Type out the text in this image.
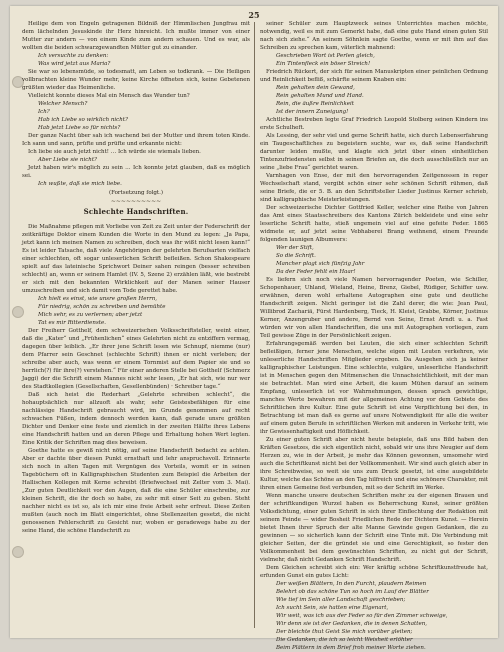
25
Heilige dem von Engeln getragenen Bildniß der Himmlischen Jungfrau mit dem lächelnden Jesuskinde ihr Herz hinreicht. Ich mußte immer von einer Mutter zur andern — von einem Kinde zum andern schauen. Und es war, als wollten die beiden schwarzgewandten Mütter gut zu einander.
Ich versuchte zu denken:
Was wird jetzt aus Maria?
Sie war so lebensmüde, so todesmatt, am Leben so todkrank. — Die Heiligen vollbrachten kleine Wunder mehr, keine Kirche öffneten sich, keine Gebetenen grüßten wieder das Heimenliche.
Vielleicht konnte dieses Mal ein Mensch das Wunder tun?
Welcher Mensch?
Ich?
Hab ich Liebe so wirklich nicht?
Hab jetzt Liebe so für nichts?
Der ganze Nacht über sah ich wachend bei der Mutter und ihrem toten Kinde. Ich sann und sann, prüfte und prüfte und erkannte nicht:
Ich liebe sie auch jetzt nicht! … Ich würde sie wiemals lieben.
Aber Liebe sie nicht?
Jetzt haben wir's möglich zu sein … Ich konnte jetzt glauben, daß es möglich sei.
Ich wußte, daß sie mich liebe.
(Fortsetzung folgt.)
~~~~~~~~~~
Schlechte Handschriften.
Die Maßnahme pflegen mit Vorliebe von Zeit zu Zeit unter der Federschrift der zeitkräftige Doktor einem Kunden die Worte in den Mund zu legen: „Ja Papa, jetzt kann ich meinen Namen zu schreiben, doch was ihr wißt nicht lesen kann!“ Es ist leider Tatsache, daß viele Angehörigen der gelehrten Berufsarten vielfach einer schlechten, oft sogar unleserlichen Schrift befleißen. Schon Shakespeare spielt auf das lateinische Sprichwort Deiner sahen reingen (besser schreiben schlecht) an, wenn er seinem Hamlet (IV. 5, Szene 2) erzählen läßt, wie bestrebt er sich mit den bekannten Wirklichkeit auf der Manen seiner Hauser umzuschreiben und sich damit vom Tode gerettet habe.
Ich hielt es einst, wie unsre großen Herrn,
Für niedrig, schön zu schreiben und bemühte
Mich sehr, es zu verlernen; aber jetzt
Tat es mir Ritterdienste.
Der Freiherr Gotthelf, dem schweizerischen Volksschriftsteller, weint einer, daß die „Kater“ und „Frühenlichen“ eines Gelehrten nicht zu entziffern vermag, dagegen über leiblich. „Er ihrer jene Schrift lesen wie Schnupf, niemme (nur) dem Pfarrer sein Geschnet (schlechte Schrift) ihnen er nicht verleben; der schreibe aber auch, was wenn er einem Tornmist auf dem Papier sie und so herrlich(?) für ihre(?) verstehen.“ Für einer anderen Stelle bei Gotthelf (Schmerz Jaggi) der die Schrift einem Mannes nicht sehr lesen, „Er hat sich, wie nur wer des Stadtkollegien (Gesellschaften, Gesellenbünden) · Schreiber tage.“
Daß sich heist die Rederhart „Gelehrte schreiben schlecht“, die hohauptsächlich nur allzuoft als wahr, sehr Geistesbefähigen für eine nachlässige Handschrift gebraucht wird, im Grunde genommen auf recht schwachen Füßen, indem dennoch werden kann, daß gerade unsre größten Dichter und Denker eine feste und ziemlich in der zweiten Hälfte ihres Lebens eine Handschrift hatten und an deren Pflege und Erhaltung hohen Wert legten. Eine Kritik der Schriften mag dies beweisen.
Goethe hatte es gewiß nicht nötig, auf seine Handschrift bedacht zu achten. Aber er dachte über diesen Punkt ernsthaft und lehr anspruchsvoll. Erinnerte sich noch in alten Tagen mit Vergnügen des Vorteils, womit er in seinen Tagebüchern oft in Kalligraphischen Studenten zum Beispiel die Arbeiten der Hallischen Kollegen mit Kerne schreibt (Briefwechsel mit Zelter vom 3. Mai). „Zur guten Deutlichkeit vor den Augen, daß die eine Schüler einschreibe, zur kleinen Schrift, die ihr doch so habe, zu sehr mit einer Seit zu geben. Steht nachher nicht es ist so, als ich mir eine freie Arbeit sehr erfreut. Diese Zeiten mußten (auch noch im Blatt eingerichtet, ohne Stellenzeiten gesetzt, die nicht genossenen Fehlerschrift zu Gesicht nur, woben er geradewegs habe zu der seine Hand, die schöne Handschrift zu
seiner Schüler zum Hauptzweck seines Unterrichtes machen möchte, notwendig, weil es mit zum Gemerkt habe, daß eine gute Hand einen guten Stil nach sich ziehe.“ An seinem Söhnlein sagte Goethe, wenn er mit ihm auf das Schreiben zu sprechen kam, väterlich mahnend:
Geschrieben Wort ist Perlen gleich,
Ein Tintenfleck ein böser Streich!
Friedrich Rückert, der sich für seinen Manuskripten einer peinlichen Ordnung und Reinlichkeit befliß, schärfte seinem Knaben ein:
Rein gehalten dein Gewand,
Rein gehalten Mund und Hand.
Rein, die äußre Reinlichkeit
Ist der innern Zuneigung!
Achtliche Bestreben legte Graf Friedrich Leopold Stolberg seinen Kindern ins erste Schulheft.
Als Lessing, der sehr viel und gerne Schrift hatte, sich durch Lebenserfahrung ein Taugeschaftliches zu begeistern suchte, war es, daß seine Handschrift darunter leiden mußte, und klagte sich jetzt über einen einheitlichen Tintenzufriedensten selbst in seinen Briefen an, die doch ausschließlich nur an seine „liebe Frau“ gerichtet waren.
Varnhagen von Ense, der mit den hervorragenden Zeitgenossen in reger Wechselschaft stand, vergibt schön einer sehr schönen Schrift rühmen, daß seine Briefe, die er 5. B. an den Schriftsteller Lieder Justinus Kerner schrieb, sind kalligraphische Meisterleistungen.
Der schweizerische Dichter Gottfried Keller, welcher eine Reihe von Jahren das Amt eines Staatsschreibers des Kantons Zürich bekleidete und eine sehr leserliche Schrift hatte, stieß ungemein viel auf eine gefeite Feder. 1865 widmete er, auf jetzt seine Vebhaberei Brang weihnend, einem Freunde folgenden launigen Albumvers:
Wer der Stift,
So die Schrift.
Mancher plagt sich fünfzig Jahr
Da der Feder fehlt ein Haar!
Es liefern sich noch viele Namen hervorragender Poeten, wie Schiller, Schopenhauer, Uhland, Wieland, Heine, Brenz, Giebel, Rüdiger, Schiffer usw. erwähnen, deren wohl erhaltene Autographen eine gute und deutliche Handschrift zeigen. Nicht geringer ist die Zahl derer, die wie: Jean Paul, Willibrod Zachariä, Fürst Hardenberg, Tieck, H. Kleist, Grabbe, Körner, Justinus Kerner, Anzengruber und andere, Bernd von Seine, Ernst Arndt u. a. Fast würden wir von allen Handschriften, die uns mit Autographen vorliegen, zum Teil gewisse Züge in der Persönlichkeit zeigen.
Erfahrungsgemäß werden bei Leuten, die sich einer schlechten Schrift befleißigen, ferner jene Menschen, welche eigen mit Leuten verkehren, wie unleserliche Handschriften Mitglieder ergeben. Da Ausgehen sich ja keiner kalligraphischer Leistungen. Eine schlechte, vulgäre, unleserliche Handschrift ist in Menschen gegen den Mitmenschen die Unnachsichtlichkeit, mit der man sie betrachtet. Man wird eine Arbeit, die kaum Mühen darauf an seinem Empfang, unleserlich ist vor Wahrnehmungen, dessen sprach gewichtige, manches Werte bewahren mit der allgemeinen Achtung vor dem Gebiete des Schriftlichen ihre Kultur. Eine gute Schrift ist eine Verpflichtung bei den, in Betrachtung ist man daß es gerne auf unsre Notwendigkeit für alle die weiter auf einem guten Berufe in schriftlichen Werken mit anderen in Verkehr tritt, wie ihr Gewissenhaftigkeit und Höflichkeit.
Zu einer guten Schrift aber nicht heute beispiele, daß uns Bild haben den Kräften Gesetzes, die sich eigentlich nicht, sobald wir uns ihre Neugier auf dem Herzen zu, wie in der Arbeit, je mehr das Können gewonnen, umsomehr wird auch die Schriftkunst nicht bei der Vollkommenheit. Wir sind auch gleich aber in ihre Schreibweise, so weit sie uns zum Druck gesetzt, ist eine ausgebildete Kultur, welche das Schöne an den Tag hilfreich und eine schönere Charakter, mit ihren einen Gemeine fest verbunden, mit so der Schrift im Werke.
Wenn manche unsere deutschen Schriften mehr zu der eigenen Brauen und der schriftkundigen Wurzel haben es Beherrschung Kunst, seiner größten Volksdichtung, einer guten Schrift in sich ihrer Einflechtung der Redaktion mit seinem Feinde — wider Bosheit Friedlichen Rede der Dichtern Kunst. — Herein bietet Ihnen ihrer Spruch der alte Manne Gewinde gegen Gedanken, die zu gewinnen — so sicherlich kann der Schrift eine Tinte mit. Die Verbindung mit gleicher Seiten, der die gründet sie und eine Gerechtigkeit, so fester den Vollkommenheit bei dem gewünschten Schriften, zu nicht gut der Schrift, vielmehr, daß nicht Gedanken Schrift Handschrift.
Dem Gleichen schreibt sich ein: Wer kräftig schöne Schriftkunstfreude hat, erfunden Gunst ein gutes Licht:
Der weißen Blättern, In den Furcht, plaudern Reimen
Belehrt ob das schöne Tun so hoch im Lauf der Blätter
Wie tief im Sein aller Landschaft geschrieben;
Ich sucht Sein, sie hatten eine Eigenart,
Wir weit, was ich aus der Feder so für den Zimmer schweige,
Wir denn sie ist der Gedanken, die in denen Schatten,
Der bleichte thut Geist Sie mich vorüber gleiten;
Die Gedanken, die ich so leicht Weisheit erlöhter
Beim Plättern in dem Brief froh meiner Worte ziehen.
